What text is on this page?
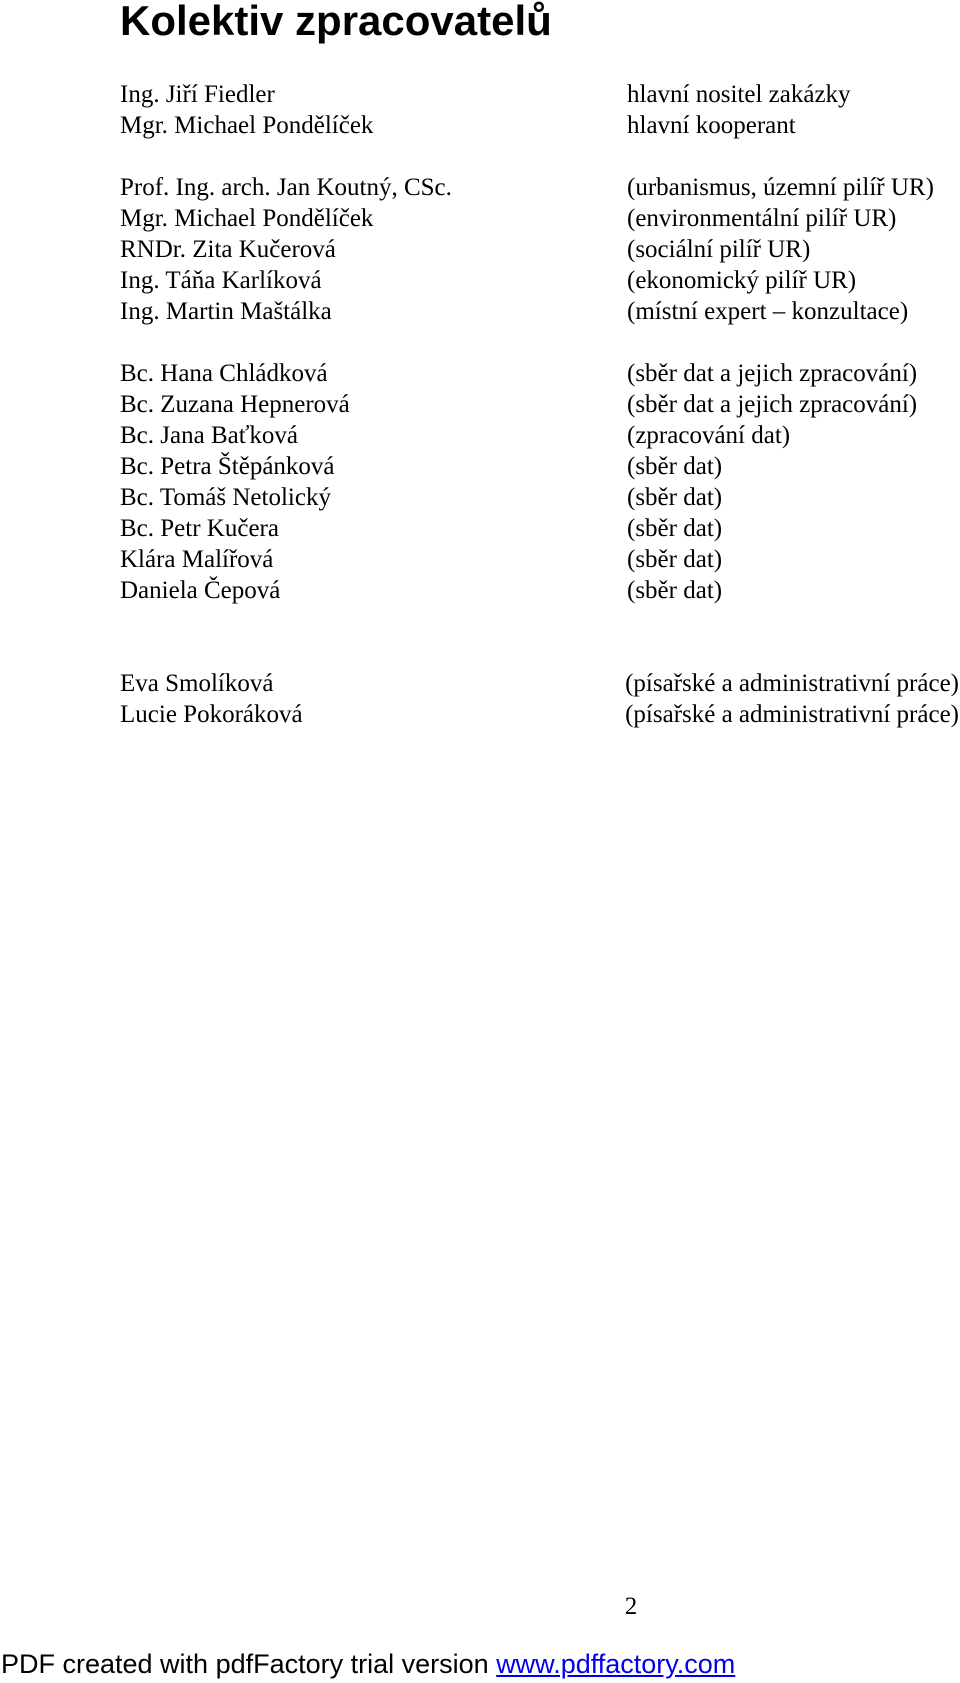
Kolektiv zpracovatelů
Ing. Jiří Fiedler	hlavní nositel zakázky
Mgr. Michael Pondělíček	hlavní kooperant
Prof. Ing. arch. Jan Koutný, CSc.	(urbanismus, územní pilíř UR)
Mgr. Michael Pondělíček	(environmentální pilíř UR)
RNDr. Zita Kučerová	(sociální pilíř UR)
Ing. Táňa Karlíková	(ekonomický pilíř UR)
Ing. Martin Maštálka	(místní expert – konzultace)
Bc. Hana Chládková	(sběr dat a jejich zpracování)
Bc. Zuzana Hepnerová	(sběr dat a jejich zpracování)
Bc. Jana Baťková	(zpracování dat)
Bc. Petra Štěpánková	(sběr dat)
Bc. Tomáš Netolický	(sběr dat)
Bc. Petr Kučera	(sběr dat)
Klára Malířová	(sběr dat)
Daniela Čepová	(sběr dat)
Eva Smolíková	(písařské a administrativní práce)
Lucie Pokoráková	(písařské a administrativní práce)
2
PDF created with pdfFactory trial version www.pdffactory.com
